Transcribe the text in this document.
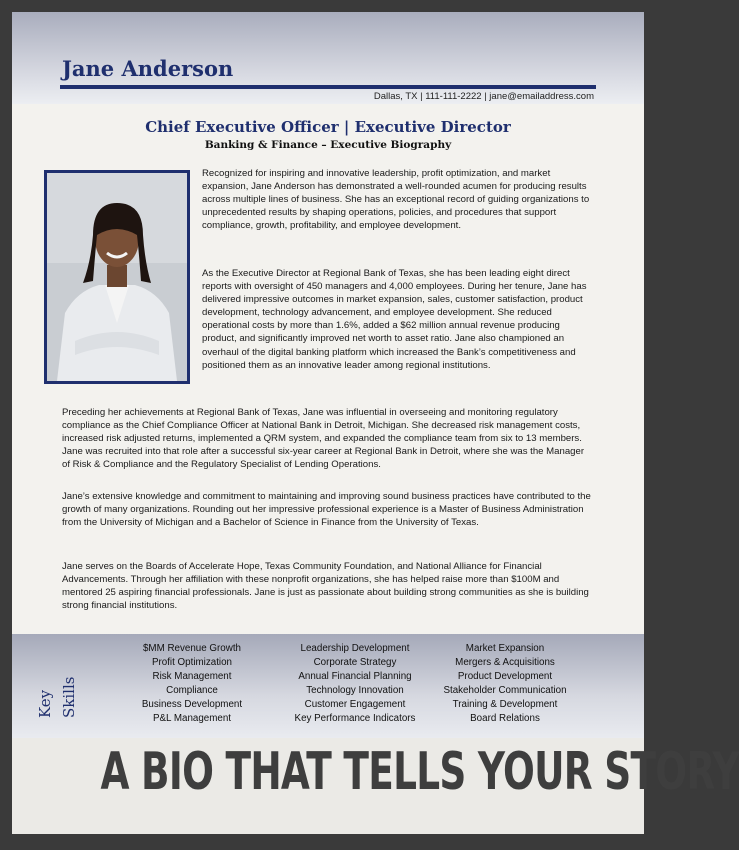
Jane Anderson
Dallas, TX | 111-111-2222 | jane@emailaddress.com
Chief Executive Officer | Executive Director
Banking & Finance – Executive Biography

Recognized for inspiring and innovative leadership, profit optimization, and market expansion, Jane Anderson has demonstrated a well-rounded acumen for producing results across multiple lines of business. She has an exceptional record of guiding organizations to unprecedented results by shaping operations, policies, and procedures that support compliance, growth, profitability, and employee development.

As the Executive Director at Regional Bank of Texas, she has been leading eight direct reports with oversight of 450 managers and 4,000 employees. During her tenure, Jane has delivered impressive outcomes in market expansion, sales, customer satisfaction, product development, technology advancement, and employee development. She reduced operational costs by more than 1.6%, added a $62 million annual revenue producing product, and significantly improved net worth to asset ratio. Jane also championed an overhaul of the digital banking platform which increased the Bank’s competitiveness and positioned them as an innovative leader among regional institutions.

Preceding her achievements at Regional Bank of Texas, Jane was influential in overseeing and monitoring regulatory compliance as the Chief Compliance Officer at National Bank in Detroit, Michigan. She decreased risk management costs, increased risk adjusted returns, implemented a QRM system, and expanded the compliance team from six to 13 members. Jane was recruited into that role after a successful six-year career at Regional Bank in Detroit, where she was the Manager of Risk & Compliance and the Regulatory Specialist of Lending Operations.

Jane’s extensive knowledge and commitment to maintaining and improving sound business practices have contributed to the growth of many organizations. Rounding out her impressive professional experience is a Master of Business Administration from the University of Michigan and a Bachelor of Science in Finance from the University of Texas.

Jane serves on the Boards of Accelerate Hope, Texas Community Foundation, and National Alliance for Financial Advancements. Through her affiliation with these nonprofit organizations, she has helped raise more than $100M and mentored 25 aspiring financial professionals. Jane is just as passionate about building strong communities as she is building strong financial institutions.

Key Skills
$MM Revenue Growth
Profit Optimization
Risk Management
Compliance
Business Development
P&L Management
Leadership Development
Corporate Strategy
Annual Financial Planning
Technology Innovation
Customer Engagement
Key Performance Indicators
Market Expansion
Mergers & Acquisitions
Product Development
Stakeholder Communication
Training & Development
Board Relations
A BIO THAT TELLS YOUR STORY
